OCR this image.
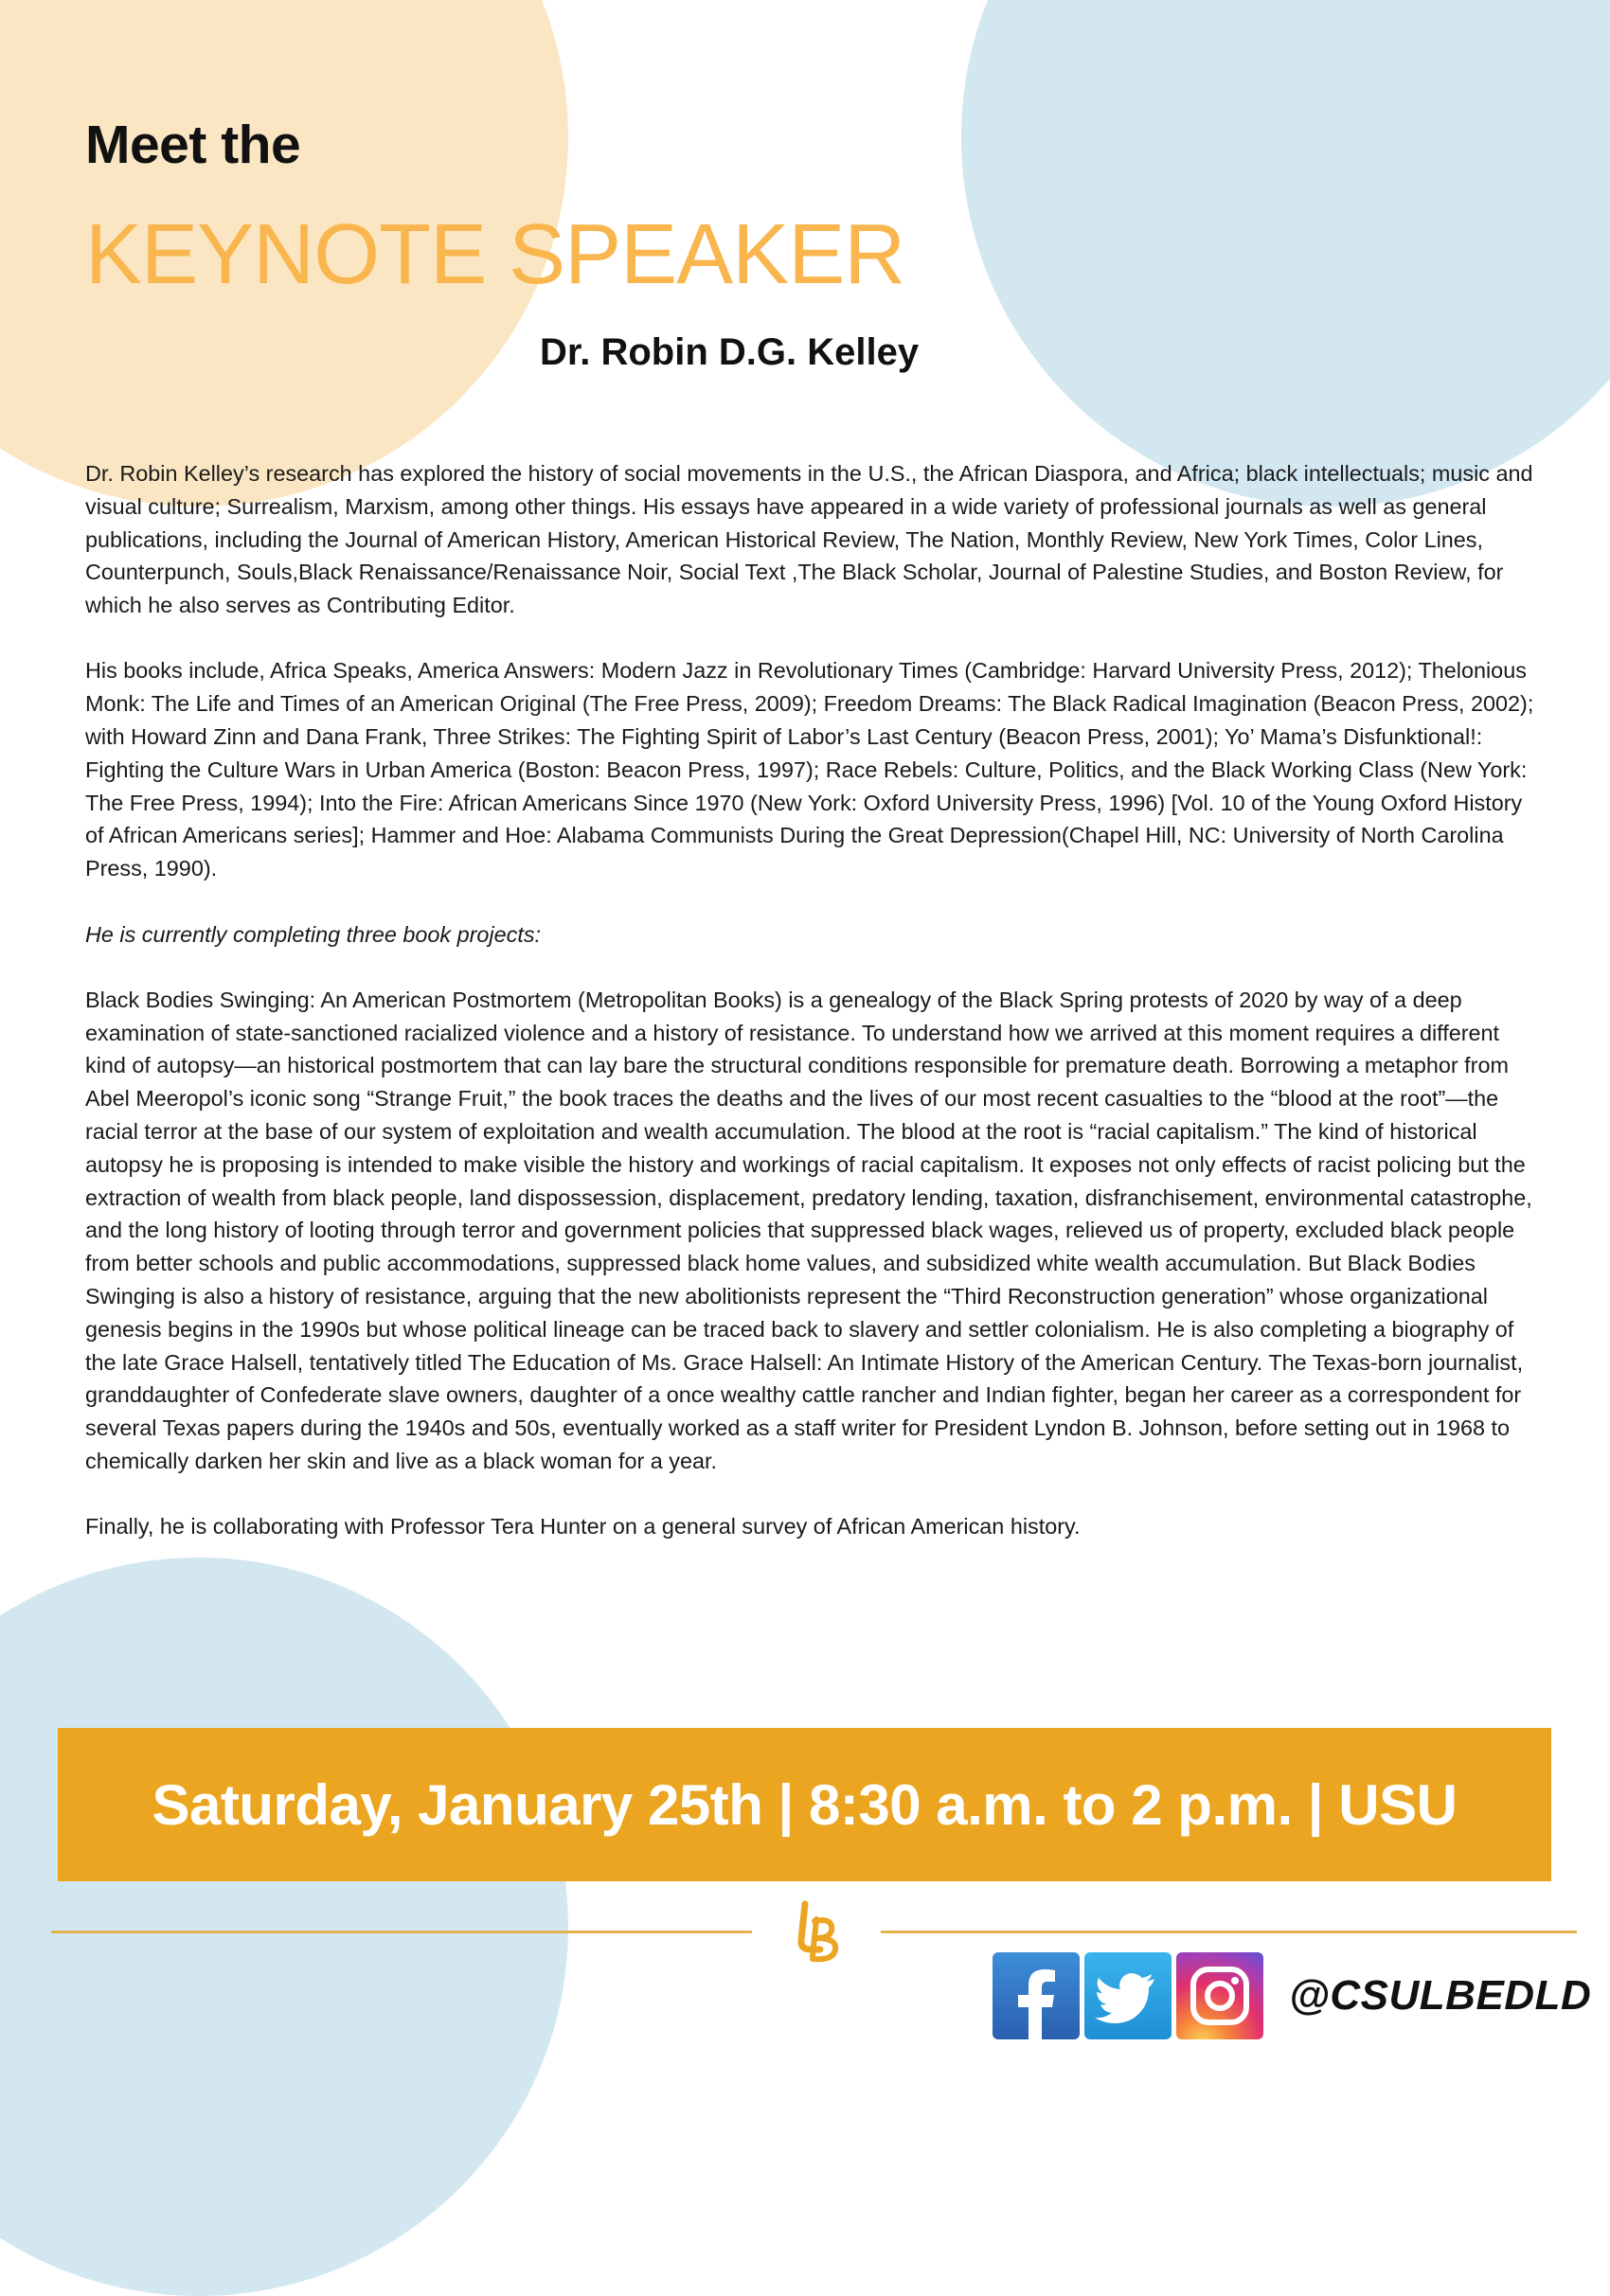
Meet the
KEYNOTE SPEAKER
Dr. Robin D.G. Kelley

Dr. Robin Kelley’s research has explored the history of social movements in the U.S., the African Diaspora, and Africa; black intellectuals; music and visual culture; Surrealism, Marxism, among other things. His essays have appeared in a wide variety of professional journals as well as general publications, including the Journal of American History, American Historical Review, The Nation, Monthly Review, New York Times, Color Lines, Counterpunch, Souls,Black Renaissance/Renaissance Noir, Social Text ,The Black Scholar, Journal of Palestine Studies, and Boston Review, for which he also serves as Contributing Editor.

His books include, Africa Speaks, America Answers: Modern Jazz in Revolutionary Times (Cambridge: Harvard University Press, 2012); Thelonious Monk: The Life and Times of an American Original (The Free Press, 2009); Freedom Dreams: The Black Radical Imagination (Beacon Press, 2002); with Howard Zinn and Dana Frank, Three Strikes: The Fighting Spirit of Labor’s Last Century (Beacon Press, 2001); Yo’ Mama’s Disfunktional!: Fighting the Culture Wars in Urban America (Boston: Beacon Press, 1997); Race Rebels: Culture, Politics, and the Black Working Class (New York: The Free Press, 1994); Into the Fire: African Americans Since 1970 (New York: Oxford University Press, 1996) [Vol. 10 of the Young Oxford History of African Americans series]; Hammer and Hoe: Alabama Communists During the Great Depression(Chapel Hill, NC: University of North Carolina Press, 1990).

He is currently completing three book projects:

Black Bodies Swinging: An American Postmortem (Metropolitan Books) is a genealogy of the Black Spring protests of 2020 by way of a deep examination of state-sanctioned racialized violence and a history of resistance. To understand how we arrived at this moment requires a different kind of autopsy—an historical postmortem that can lay bare the structural conditions responsible for premature death. Borrowing a metaphor from Abel Meeropol’s iconic song “Strange Fruit,” the book traces the deaths and the lives of our most recent casualties to the “blood at the root”—the racial terror at the base of our system of exploitation and wealth accumulation. The blood at the root is “racial capitalism.” The kind of historical autopsy he is proposing is intended to make visible the history and workings of racial capitalism. It exposes not only effects of racist policing but the extraction of wealth from black people, land dispossession, displacement, predatory lending, taxation, disfranchisement, environmental catastrophe, and the long history of looting through terror and government policies that suppressed black wages, relieved us of property, excluded black people from better schools and public accommodations, suppressed black home values, and subsidized white wealth accumulation. But Black Bodies Swinging is also a history of resistance, arguing that the new abolitionists represent the “Third Reconstruction generation” whose organizational genesis begins in the 1990s but whose political lineage can be traced back to slavery and settler colonialism. He is also completing a biography of the late Grace Halsell, tentatively titled The Education of Ms. Grace Halsell: An Intimate History of the American Century. The Texas-born journalist, granddaughter of Confederate slave owners, daughter of a once wealthy cattle rancher and Indian fighter, began her career as a correspondent for several Texas papers during the 1940s and 50s, eventually worked as a staff writer for President Lyndon B. Johnson, before setting out in 1968 to chemically darken her skin and live as a black woman for a year.

Finally, he is collaborating with Professor Tera Hunter on a general survey of African American history.

Saturday, January 25th | 8:30 a.m. to 2 p.m. | USU
@CSULBEDLD
